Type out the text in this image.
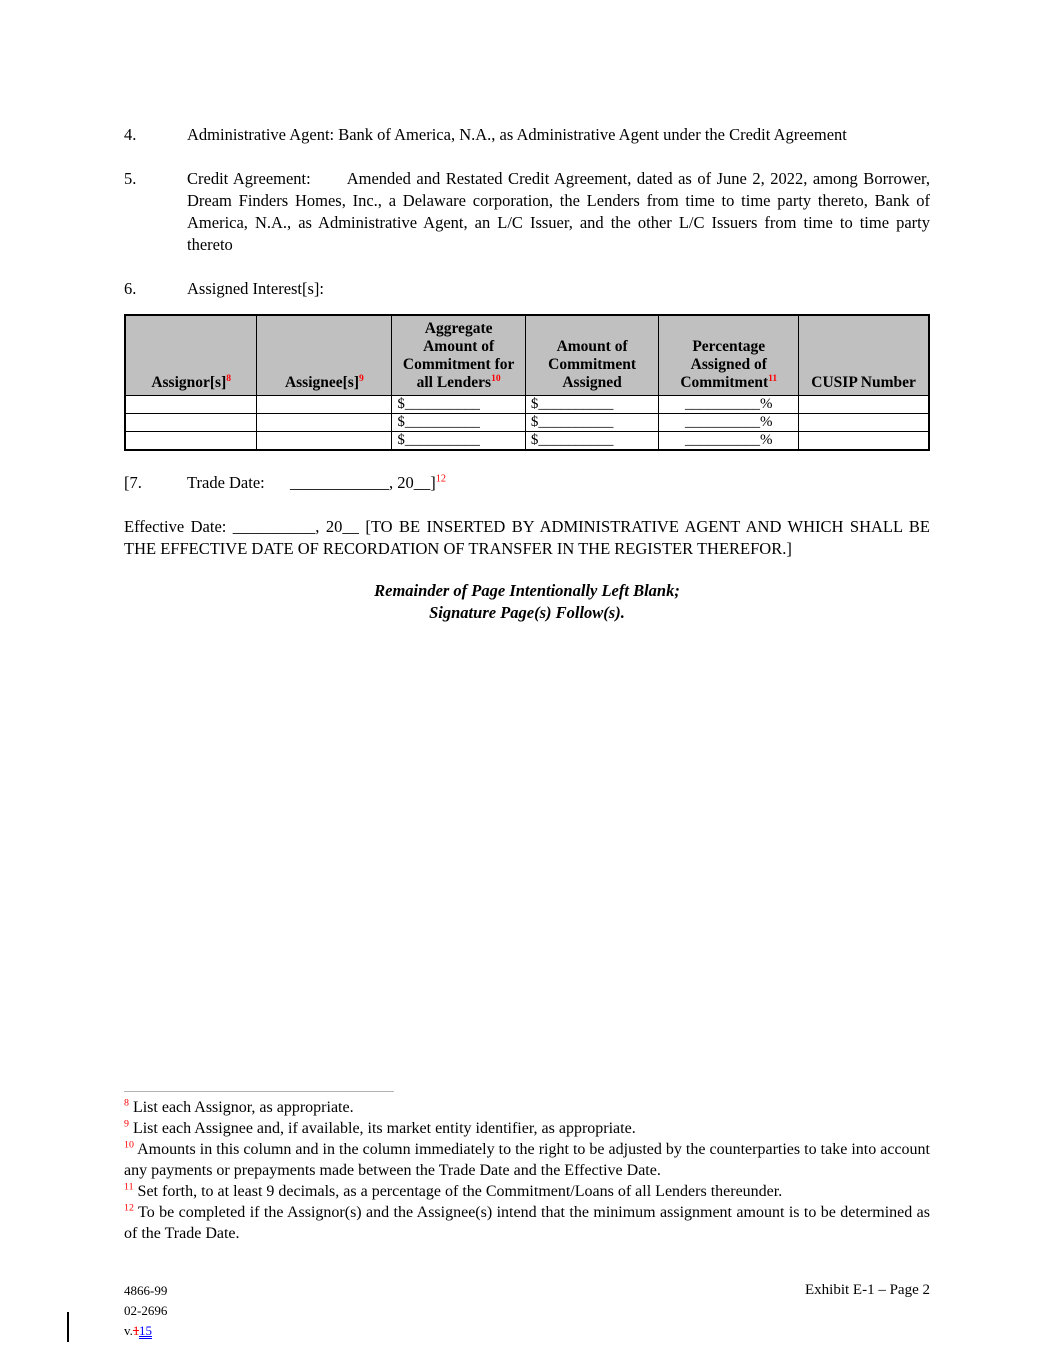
4.	Administrative Agent: Bank of America, N.A., as Administrative Agent under the Credit Agreement
5.	Credit Agreement: Amended and Restated Credit Agreement, dated as of June 2, 2022, among Borrower, Dream Finders Homes, Inc., a Delaware corporation, the Lenders from time to time party thereto, Bank of America, N.A., as Administrative Agent, an L/C Issuer, and the other L/C Issuers from time to time party thereto
6.	Assigned Interest[s]:
$Assignor[s]^8$	$Assignee[s]^9$	Aggregate Amount of Commitment for all Lenders$^{10}$	Amount of Commitment Assigned	Percentage Assigned of Commitment$^{11}$	CUSIP Number
		$__________	$__________	__________%	
		$__________	$__________	__________%	
		$__________	$__________	__________%	

[7.	Trade Date: ____________, 20__]$^{12}$

Effective Date: __________, 20__ [TO BE INSERTED BY ADMINISTRATIVE AGENT AND WHICH SHALL BE THE EFFECTIVE DATE OF RECORDATION OF TRANSFER IN THE REGISTER THEREFOR.]

Remainder of Page Intentionally Left Blank;
Signature Page(s) Follow(s).

$^8$ List each Assignor, as appropriate.

$^9$ List each Assignee and, if available, its market entity identifier, as appropriate.

$^{10}$ Amounts in this column and in the column immediately to the right to be adjusted by the counterparties to take into account any payments or prepayments made between the Trade Date and the Effective Date.

$^{11}$ Set forth, to at least 9 decimals, as a percentage of the Commitment/Loans of all Lenders thereunder.

$^{12}$ To be completed if the Assignor(s) and the Assignee(s) intend that the minimum assignment amount is to be determined as of the Trade Date.

4866-99
02-2696
v.115
Exhibit E-1 – Page 2
